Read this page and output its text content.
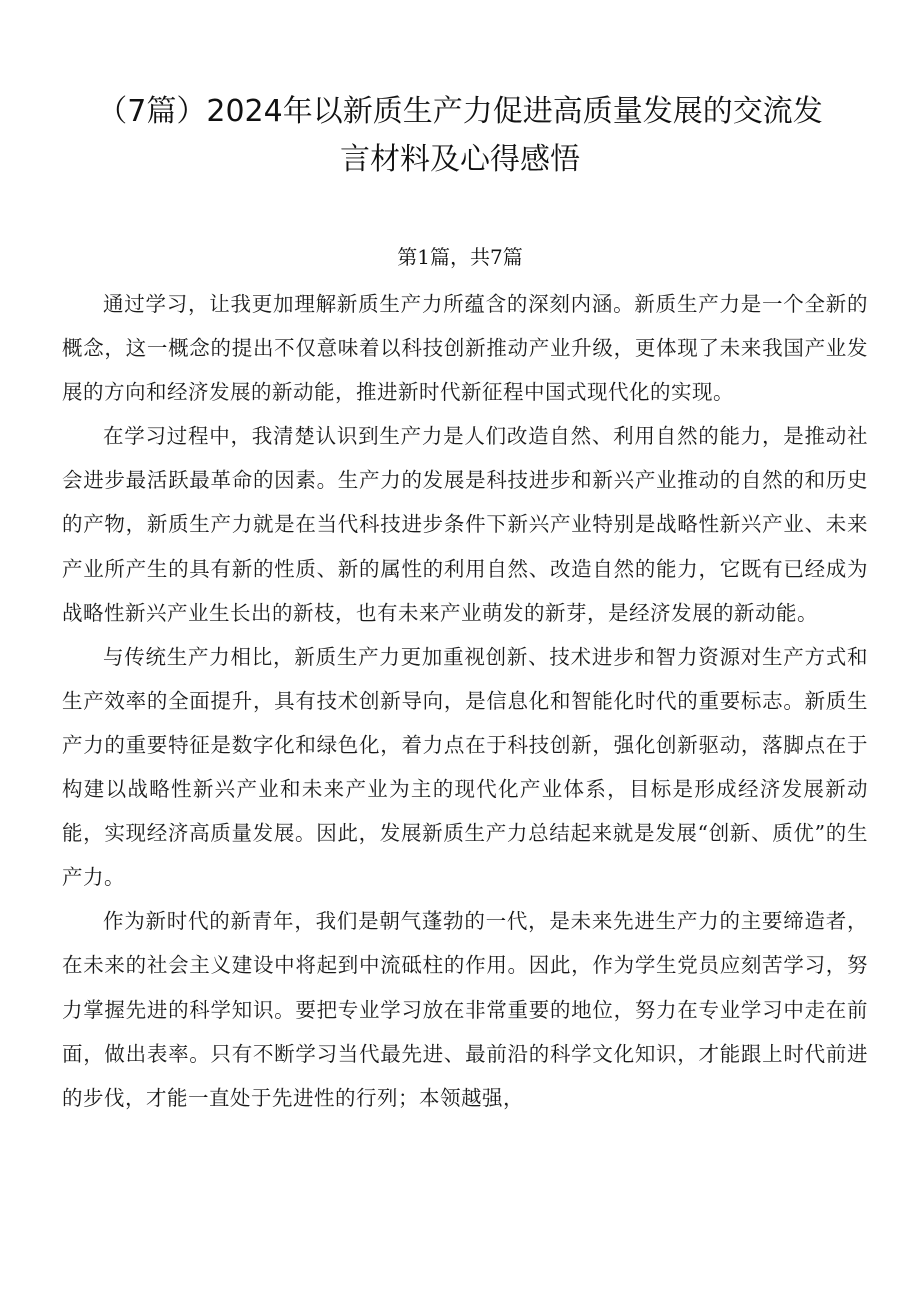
（7篇）2024年以新质生产力促进高质量发展的交流发
言材料及心得感悟
第1篇，共7篇

通过学习，让我更加理解新质生产力所蕴含的深刻内涵。新质生产力是一个全新的概念，这一概念的提出不仅意味着以科技创新推动产业升级，更体现了未来我国产业发展的方向和经济发展的新动能，推进新时代新征程中国式现代化的实现。

在学习过程中，我清楚认识到生产力是人们改造自然、利用自然的能力，是推动社会进步最活跃最革命的因素。生产力的发展是科技进步和新兴产业推动的自然的和历史的产物，新质生产力就是在当代科技进步条件下新兴产业特别是战略性新兴产业、未来产业所产生的具有新的性质、新的属性的利用自然、改造自然的能力，它既有已经成为战略性新兴产业生长出的新枝，也有未来产业萌发的新芽，是经济发展的新动能。

与传统生产力相比，新质生产力更加重视创新、技术进步和智力资源对生产方式和生产效率的全面提升，具有技术创新导向，是信息化和智能化时代的重要标志。新质生产力的重要特征是数字化和绿色化，着力点在于科技创新，强化创新驱动，落脚点在于构建以战略性新兴产业和未来产业为主的现代化产业体系，目标是形成经济发展新动能，实现经济高质量发展。因此，发展新质生产力总结起来就是发展“创新、质优”的生产力。

作为新时代的新青年，我们是朝气蓬勃的一代，是未来先进生产力的主要缔造者，在未来的社会主义建设中将起到中流砥柱的作用。因此，作为学生党员应刻苦学习，努力掌握先进的科学知识。要把专业学习放在非常重要的地位，努力在专业学习中走在前面，做出表率。只有不断学习当代最先进、最前沿的科学文化知识，才能跟上时代前进的步伐，才能一直处于先进性的行列；本领越强，
